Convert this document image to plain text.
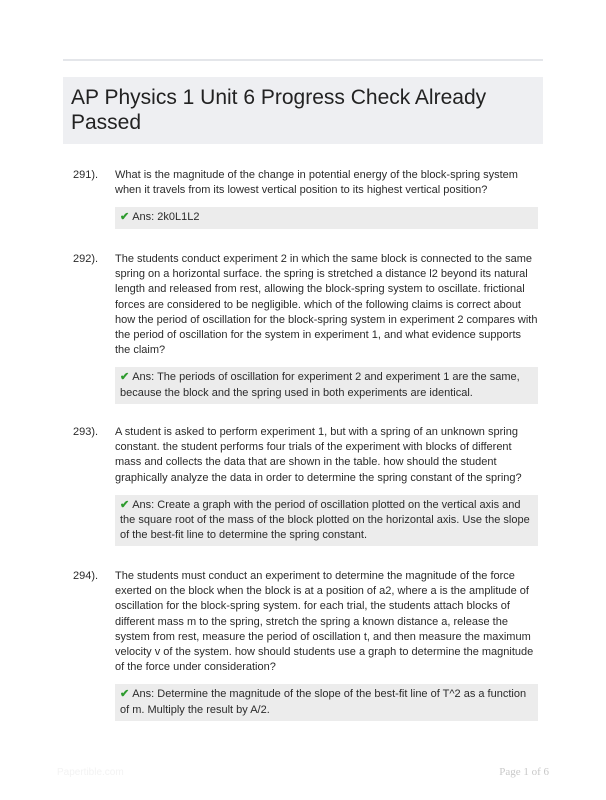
AP Physics 1 Unit 6 Progress Check Already Passed
291). What is the magnitude of the change in potential energy of the block-spring system when it travels from its lowest vertical position to its highest vertical position?
✔ Ans: 2k0L1L2
292). The students conduct experiment 2 in which the same block is connected to the same spring on a horizontal surface. the spring is stretched a distance l2 beyond its natural length and released from rest, allowing the block-spring system to oscillate. frictional forces are considered to be negligible. which of the following claims is correct about how the period of oscillation for the block-spring system in experiment 2 compares with the period of oscillation for the system in experiment 1, and what evidence supports the claim?
✔ Ans: The periods of oscillation for experiment 2 and experiment 1 are the same, because the block and the spring used in both experiments are identical.
293). A student is asked to perform experiment 1, but with a spring of an unknown spring constant. the student performs four trials of the experiment with blocks of different mass and collects the data that are shown in the table. how should the student graphically analyze the data in order to determine the spring constant of the spring?
✔ Ans: Create a graph with the period of oscillation plotted on the vertical axis and the square root of the mass of the block plotted on the horizontal axis. Use the slope of the best-fit line to determine the spring constant.
294). The students must conduct an experiment to determine the magnitude of the force exerted on the block when the block is at a position of a2, where a is the amplitude of oscillation for the block-spring system. for each trial, the students attach blocks of different mass m to the spring, stretch the spring a known distance a, release the system from rest, measure the period of oscillation t, and then measure the maximum velocity v of the system. how should students use a graph to determine the magnitude of the force under consideration?
✔ Ans: Determine the magnitude of the slope of the best-fit line of T^2 as a function of m. Multiply the result by A/2.
Papertible.com	Page 1 of 6
